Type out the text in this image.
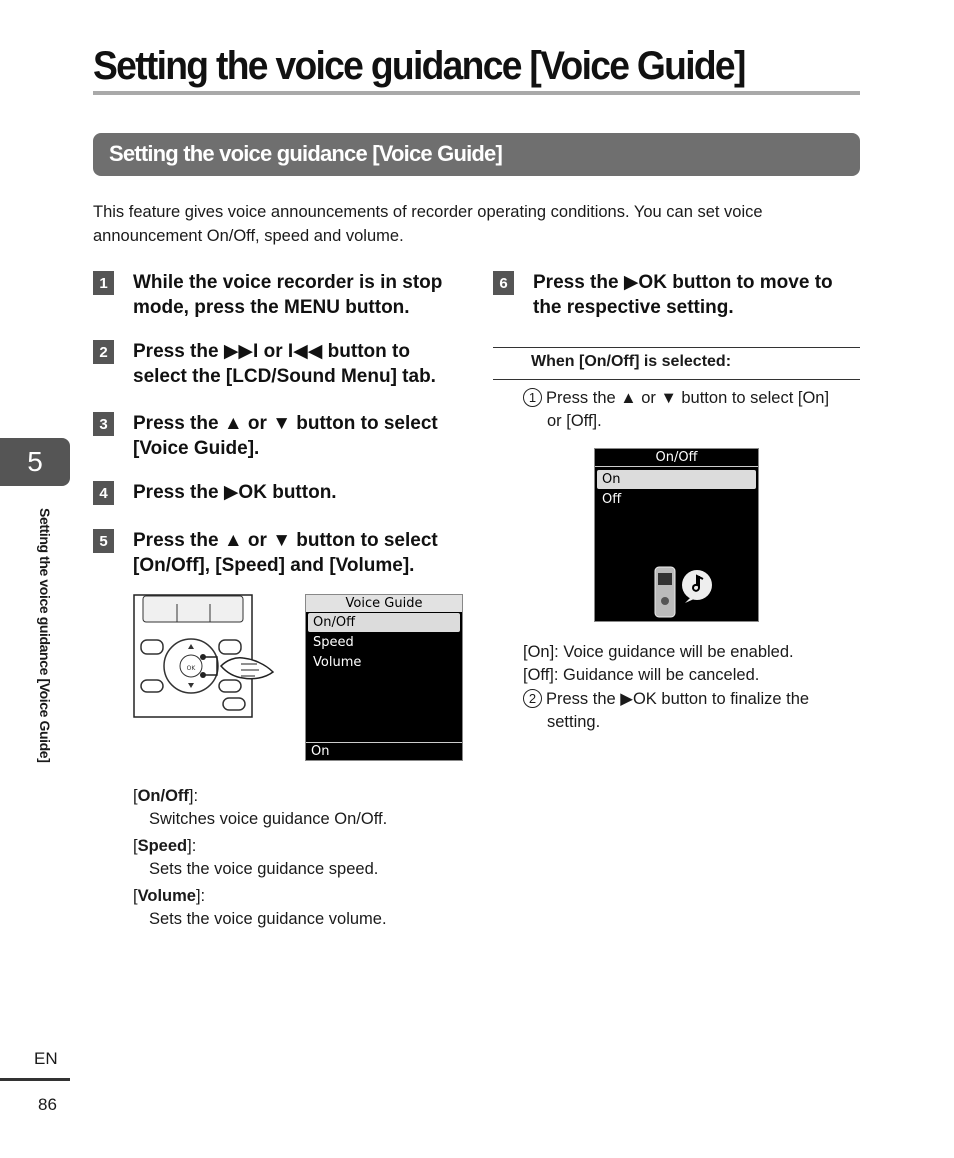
Setting the voice guidance [Voice Guide]
Setting the voice guidance [Voice Guide]
This feature gives voice announcements of recorder operating conditions. You can set voice
announcement On/Off, speed and volume.
1	While the voice recorder is in stop
mode, press the MENU button.
2	Press the ▶▶I or I◀◀ button to
select the [LCD/Sound Menu] tab.
3	Press the ▲ or ▼ button to select
[Voice Guide].
4	Press the ▶OK button.
5	Press the ▲ or ▼ button to select
[On/Off], [Speed] and [Volume].
OK
Voice Guide
On/Off
Speed
Volume
On
[On/Off]:
Switches voice guidance On/Off.
[Speed]:
Sets the voice guidance speed.
[Volume]:
Sets the voice guidance volume.
6	Press the ▶OK button to move to
the respective setting.
When [On/Off] is selected:
1 Press the ▲ or ▼ button to select [On]
or [Off].
On/Off
On
Off
[On]: Voice guidance will be enabled.
[Off]: Guidance will be canceled.
2 Press the ▶OK button to finalize the
setting.
5
Setting the voice guidance [Voice Guide]
EN
86
